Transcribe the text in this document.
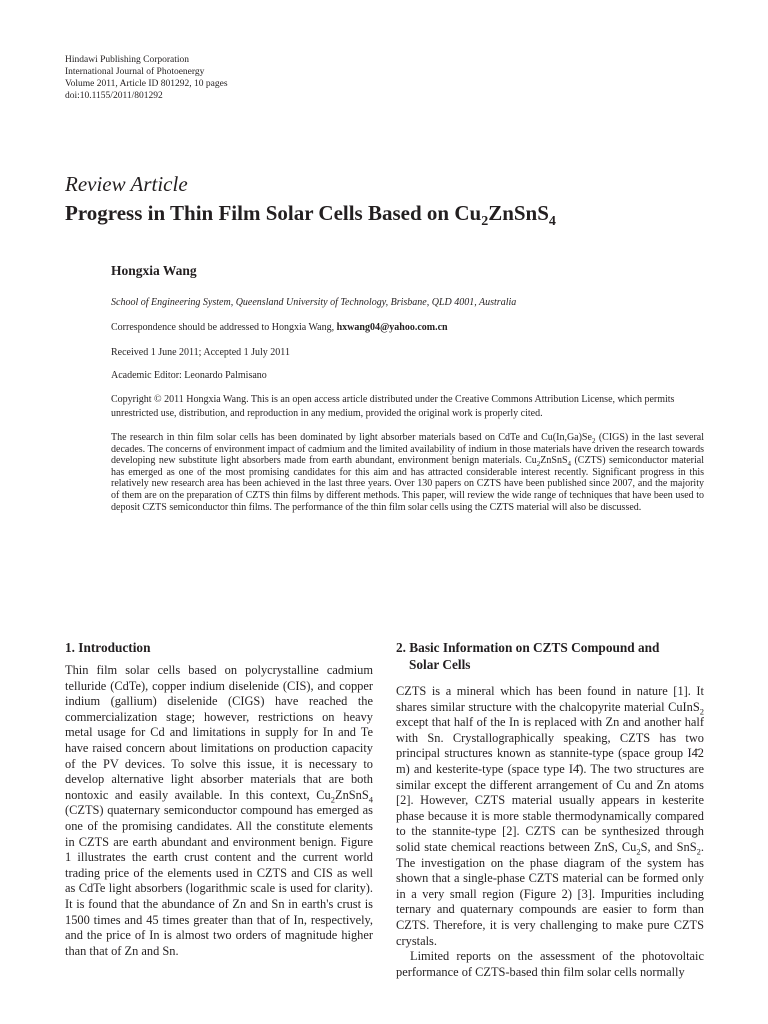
Hindawi Publishing Corporation
International Journal of Photoenergy
Volume 2011, Article ID 801292, 10 pages
doi:10.1155/2011/801292
Review Article
Progress in Thin Film Solar Cells Based on $Cu_2ZnSnS_4$
Hongxia Wang
School of Engineering System, Queensland University of Technology, Brisbane, QLD 4001, Australia
Correspondence should be addressed to Hongxia Wang, hxwang04@yahoo.com.cn
Received 1 June 2011; Accepted 1 July 2011
Academic Editor: Leonardo Palmisano
Copyright © 2011 Hongxia Wang. This is an open access article distributed under the Creative Commons Attribution License, which permits unrestricted use, distribution, and reproduction in any medium, provided the original work is properly cited.
The research in thin film solar cells has been dominated by light absorber materials based on CdTe and $Cu(In,Ga)Se_2$ (CIGS) in the last several decades. The concerns of environment impact of cadmium and the limited availability of indium in those materials have driven the research towards developing new substitute light absorbers made from earth abundant, environment benign materials. $Cu_2ZnSnS_4$ (CZTS) semiconductor material has emerged as one of the most promising candidates for this aim and has attracted considerable interest recently. Significant progress in this relatively new research area has been achieved in the last three years. Over 130 papers on CZTS have been published since 2007, and the majority of them are on the preparation of CZTS thin films by different methods. This paper, will review the wide range of techniques that have been used to deposit CZTS semiconductor thin films. The performance of the thin film solar cells using the CZTS material will also be discussed.
1. Introduction
Thin film solar cells based on polycrystalline cadmium telluride (CdTe), copper indium diselenide (CIS), and copper indium (gallium) diselenide (CIGS) have reached the commercialization stage; however, restrictions on heavy metal usage for Cd and limitations in supply for In and Te have raised concern about limitations on production capacity of the PV devices. To solve this issue, it is necessary to develop alternative light absorber materials that are both nontoxic and easily available. In this context, $Cu_2ZnSnS_4$ (CZTS) quaternary semiconductor compound has emerged as one of the promising candidates. All the constitute elements in CZTS are earth abundant and environment benign. Figure 1 illustrates the earth crust content and the current world trading price of the elements used in CZTS and CIS as well as CdTe light absorbers (logarithmic scale is used for clarity). It is found that the abundance of Zn and Sn in earth's crust is 1500 times and 45 times greater than that of In, respectively, and the price of In is almost two orders of magnitude higher than that of Zn and Sn.
2. Basic Information on CZTS Compound and
Solar Cells

CZTS is a mineral which has been found in nature [1]. It shares similar structure with the chalcopyrite material CuInS$_2$ except that half of the In is replaced with Zn and another half with Sn. Crystallographically speaking, CZTS has two principal structures known as stannite-type (space group I4̄2 m) and kesterite-type (space type I4̄). The two structures are similar except the different arrangement of Cu and Zn atoms [2]. However, CZTS material usually appears in kesterite phase because it is more stable thermodynamically compared to the stannite-type [2]. CZTS can be synthesized through solid state chemical reactions between ZnS, $Cu_2S$, and SnS$_2$. The investigation on the phase diagram of the system has shown that a single-phase CZTS material can be formed only in a very small region (Figure 2) [3]. Impurities including ternary and quaternary compounds are easier to form than CZTS. Therefore, it is very challenging to make pure CZTS crystals.

Limited reports on the assessment of the photovoltaic performance of CZTS-based thin film solar cells normally
